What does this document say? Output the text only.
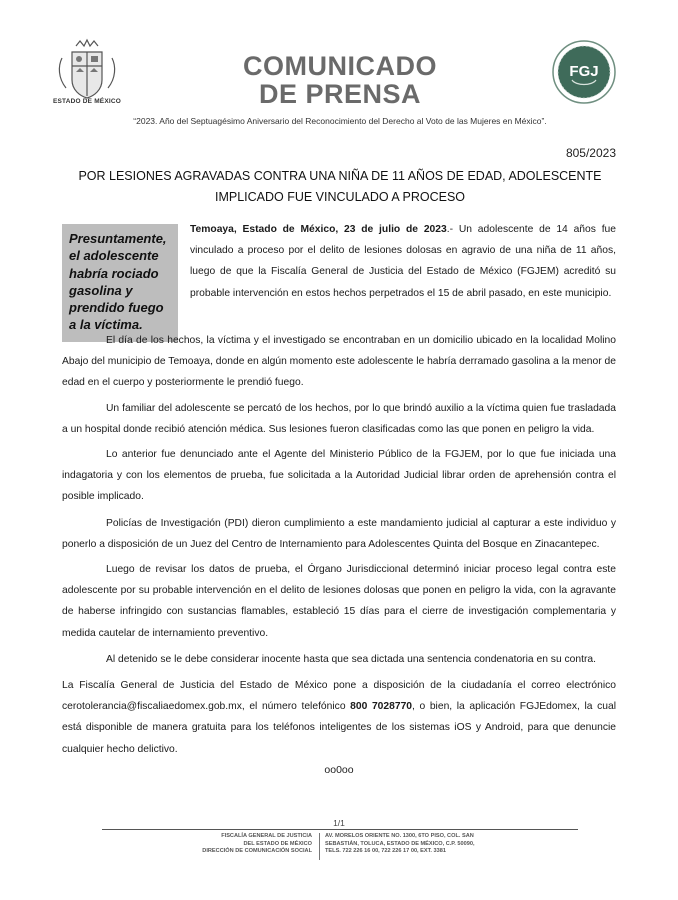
ESTADO DE MÉXICO
COMUNICADO
DE PRENSA
FGJ
“2023. Año del Septuagésimo Aniversario del Reconocimiento del Derecho al Voto de las Mujeres en México”.
805/2023
POR LESIONES AGRAVADAS CONTRA UNA NIÑA DE 11 AÑOS DE EDAD, ADOLESCENTE
IMPLICADO FUE VINCULADO A PROCESO
Presuntamente, el adolescente habría rociado gasolina y prendido fuego a la víctima.
Temoaya, Estado de México, 23 de julio de 2023.- Un adolescente de 14 años fue vinculado a proceso por el delito de lesiones dolosas en agravio de una niña de 11 años, luego de que la Fiscalía General de Justicia del Estado de México (FGJEM) acreditó su probable intervención en estos hechos perpetrados el 15 de abril pasado, en este municipio.
El día de los hechos, la víctima y el investigado se encontraban en un domicilio ubicado en la localidad Molino Abajo del municipio de Temoaya, donde en algún momento este adolescente le habría derramado gasolina a la menor de edad en el cuerpo y posteriormente le prendió fuego.
Un familiar del adolescente se percató de los hechos, por lo que brindó auxilio a la víctima quien fue trasladada a un hospital donde recibió atención médica. Sus lesiones fueron clasificadas como las que ponen en peligro la vida.
Lo anterior fue denunciado ante el Agente del Ministerio Público de la FGJEM, por lo que fue iniciada una indagatoria y con los elementos de prueba, fue solicitada a la Autoridad Judicial librar orden de aprehensión contra el posible implicado.
Policías de Investigación (PDI) dieron cumplimiento a este mandamiento judicial al capturar a este individuo y ponerlo a disposición de un Juez del Centro de Internamiento para Adolescentes Quinta del Bosque en Zinacantepec.
Luego de revisar los datos de prueba, el Órgano Jurisdiccional determinó iniciar proceso legal contra este adolescente por su probable intervención en el delito de lesiones dolosas que ponen en peligro la vida, con la agravante de haberse infringido con sustancias flamables, estableció 15 días para el cierre de investigación complementaria y medida cautelar de internamiento preventivo.
Al detenido se le debe considerar inocente hasta que sea dictada una sentencia condenatoria en su contra.
La Fiscalía General de Justicia del Estado de México pone a disposición de la ciudadanía el correo electrónico cerotolerancia@fiscaliaedomex.gob.mx, el número telefónico 800 7028770, o bien, la aplicación FGJEdomex, la cual está disponible de manera gratuita para los teléfonos inteligentes de los sistemas iOS y Android, para que denuncie cualquier hecho delictivo.
oo0oo
1/1
FISCALÍA GENERAL DE JUSTICIA
DEL ESTADO DE MÉXICO
DIRECCIÓN DE COMUNICACIÓN SOCIAL
AV. MORELOS ORIENTE NO. 1300, 6TO PISO, COL. SAN
SEBASTIÁN, TOLUCA, ESTADO DE MÉXICO, C.P. 50090,
TELS. 722 226 16 00, 722 226 17 00, EXT. 3381
